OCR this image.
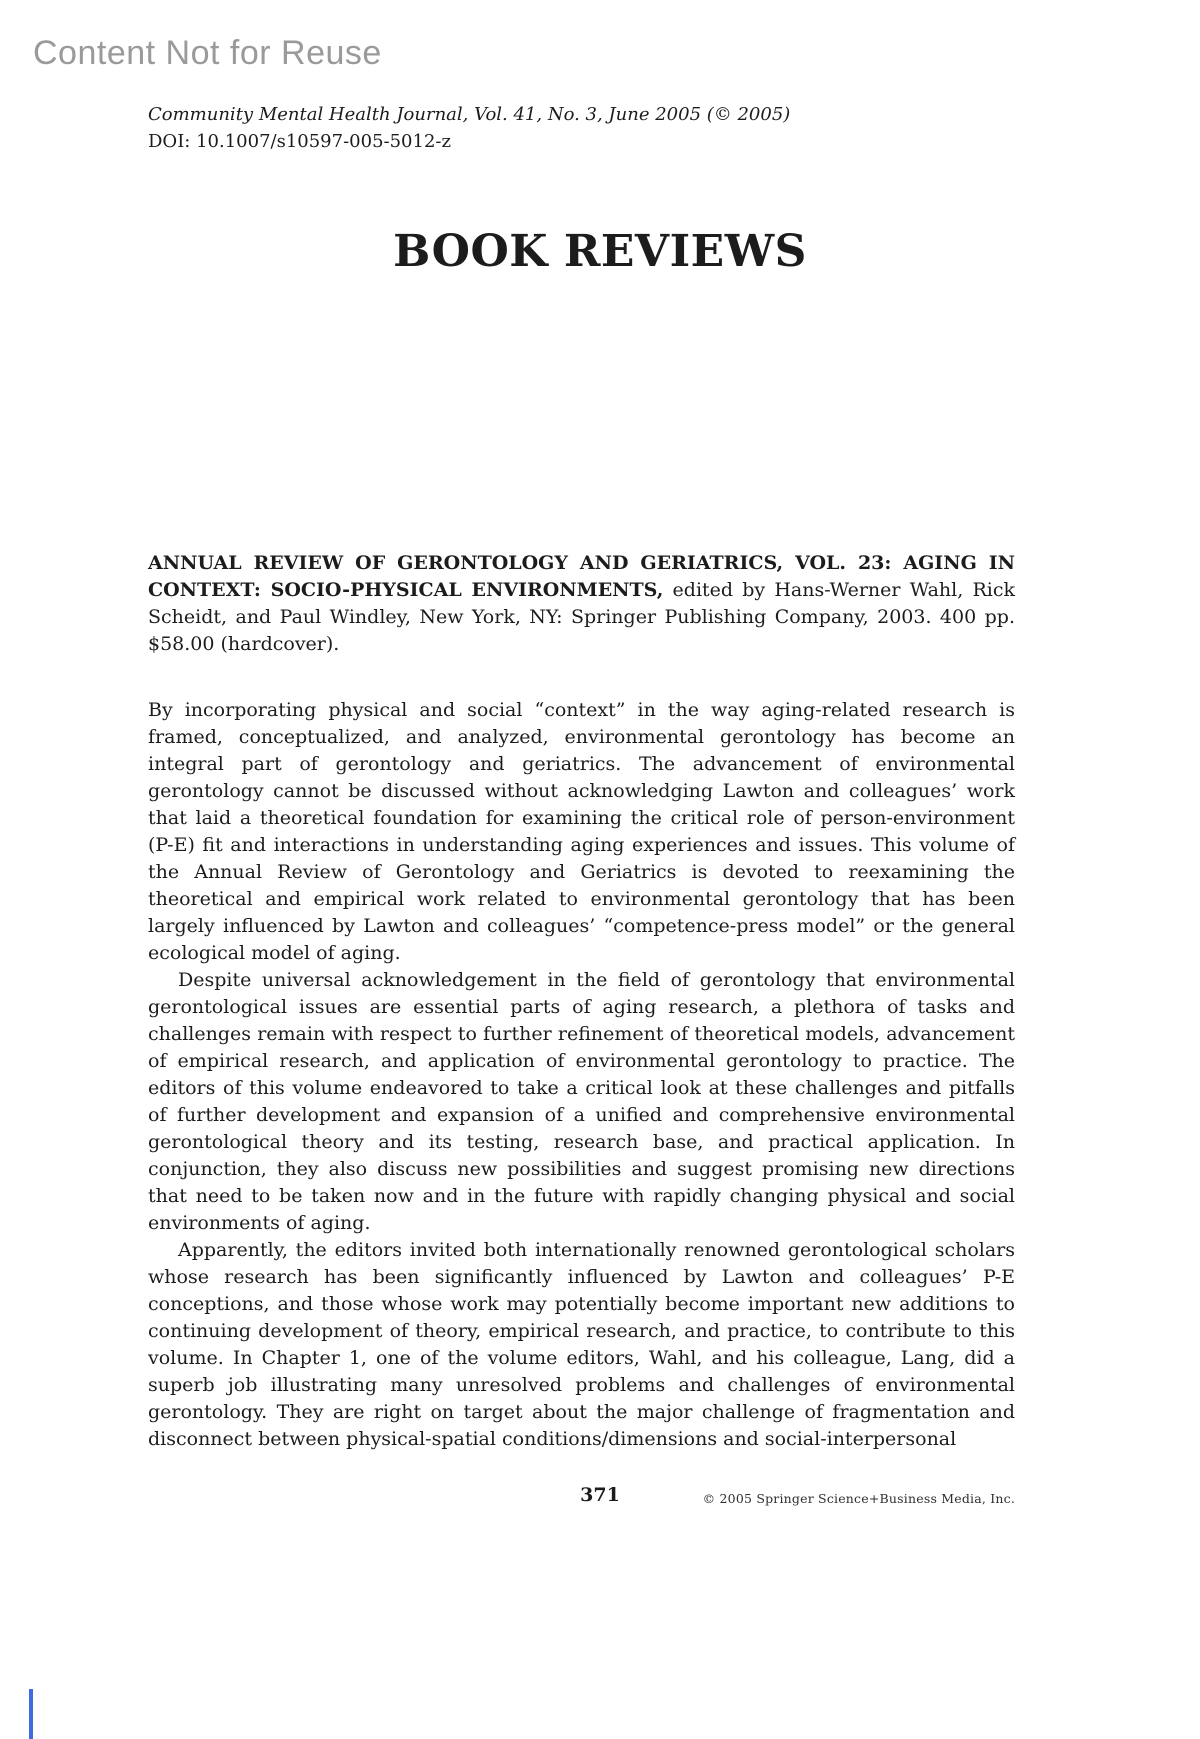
Content Not for Reuse
Community Mental Health Journal, Vol. 41, No. 3, June 2005 (© 2005)
DOI: 10.1007/s10597-005-5012-z
BOOK REVIEWS

ANNUAL REVIEW OF GERONTOLOGY AND GERIATRICS, VOL. 23: AGING IN CONTEXT: SOCIO-PHYSICAL ENVIRONMENTS, edited by Hans-Werner Wahl, Rick Scheidt, and Paul Windley, New York, NY: Springer Publishing Company, 2003. 400 pp. $58.00 (hardcover).

By incorporating physical and social “context” in the way aging-related research is framed, conceptualized, and analyzed, environmental gerontology has become an integral part of gerontology and geriatrics. The advancement of environmental gerontology cannot be discussed without acknowledging Lawton and colleagues’ work that laid a theoretical foundation for examining the critical role of person-environment (P-E) fit and interactions in understanding aging experiences and issues. This volume of the Annual Review of Gerontology and Geriatrics is devoted to reexamining the theoretical and empirical work related to environmental gerontology that has been largely influenced by Lawton and colleagues’ “competence-press model” or the general ecological model of aging.

Despite universal acknowledgement in the field of gerontology that environmental gerontological issues are essential parts of aging research, a plethora of tasks and challenges remain with respect to further refinement of theoretical models, advancement of empirical research, and application of environmental gerontology to practice. The editors of this volume endeavored to take a critical look at these challenges and pitfalls of further development and expansion of a unified and comprehensive environmental gerontological theory and its testing, research base, and practical application. In conjunction, they also discuss new possibilities and suggest promising new directions that need to be taken now and in the future with rapidly changing physical and social environments of aging.

Apparently, the editors invited both internationally renowned gerontological scholars whose research has been significantly influenced by Lawton and colleagues’ P-E conceptions, and those whose work may potentially become important new additions to continuing development of theory, empirical research, and practice, to contribute to this volume. In Chapter 1, one of the volume editors, Wahl, and his colleague, Lang, did a superb job illustrating many unresolved problems and challenges of environmental gerontology. They are right on target about the major challenge of fragmentation and disconnect between physical-spatial conditions/dimensions and social-interpersonal

371	© 2005 Springer Science+Business Media, Inc.
